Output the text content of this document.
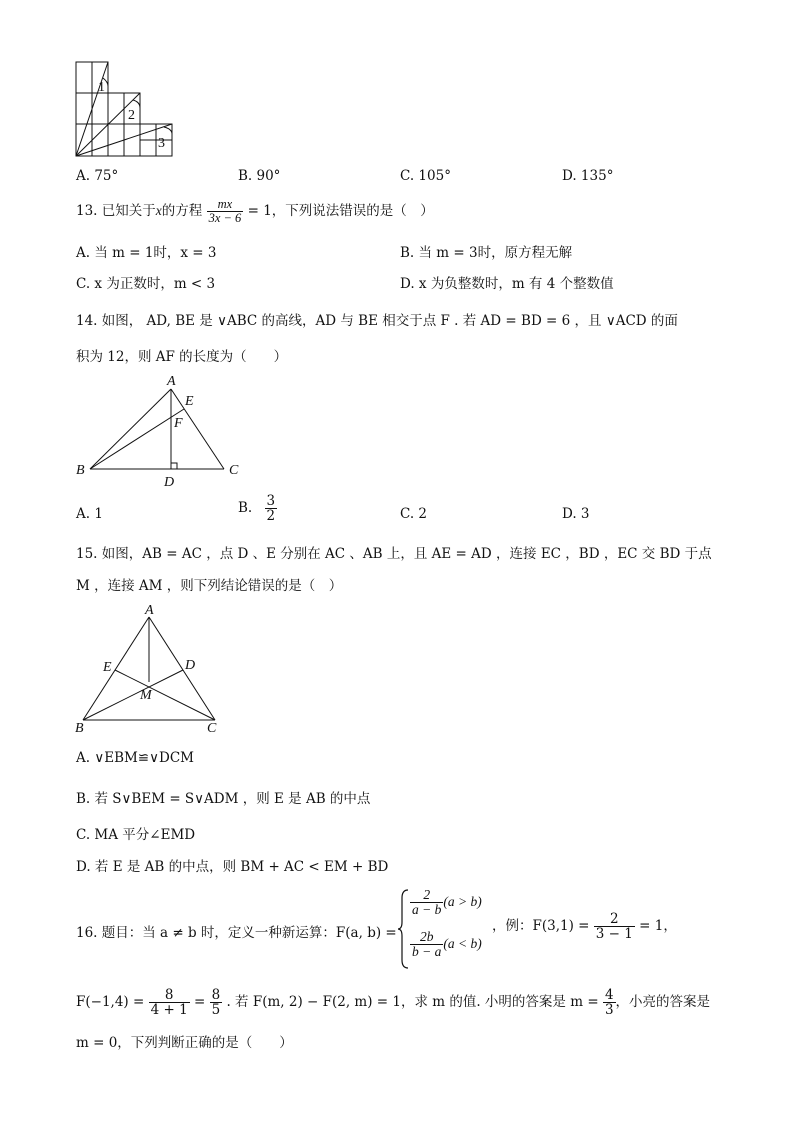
1
2
3
A. 75°	B. 90°	C. 105°	D. 135°
13. 已知关于x的方程 $\frac{mx}{3x - 6} = 1$，下列说法错误的是（　）
A. 当 m = 1时，x = 3	B. 当 m = 3时，原方程无解
C. x 为正数时，m < 3	D. x 为负整数时，m 有 4 个整数值
14. 如图， AD, BE 是 ∨ABC 的高线，AD 与 BE 相交于点 F . 若 AD = BD = 6 ，且 ∨ACD 的面
积为 12，则 AF 的长度为（　　）
A
E
F
B
D
C
A. 1	B. $\frac{3}{2}$	C. 2	D. 3
15. 如图，AB = AC ，点 D 、E 分别在 AC 、AB 上，且 AE = AD ，连接 EC ，BD ，EC 交 BD 于点
M ，连接 AM ，则下列结论错误的是（　）
A
E	D
M
B	C
A. ∨EBM≌∨DCM
B. 若 S∨BEM = S∨ADM ，则 E 是 AB 的中点
C. MA 平分∠EMD
D. 若 E 是 AB 的中点，则 BM + AC < EM + BD
16. 题目：当 a ≠ b 时，定义一种新运算：F(a, b) =
$\frac{2}{a - b} (a > b)$
$\frac{2b}{b - a} (a < b)$
，例：$F(3,1) = \frac{2}{3 - 1} = 1$，
$F(-1,4) = \frac{8}{4 + 1} = \frac{8}{5}$ . 若 F(m, 2) − F(2, m) = 1，求 m 的值. 小明的答案是 $m = \frac{4}{3}$ ，小亮的答案是
m = 0，下列判断正确的是（　　）
